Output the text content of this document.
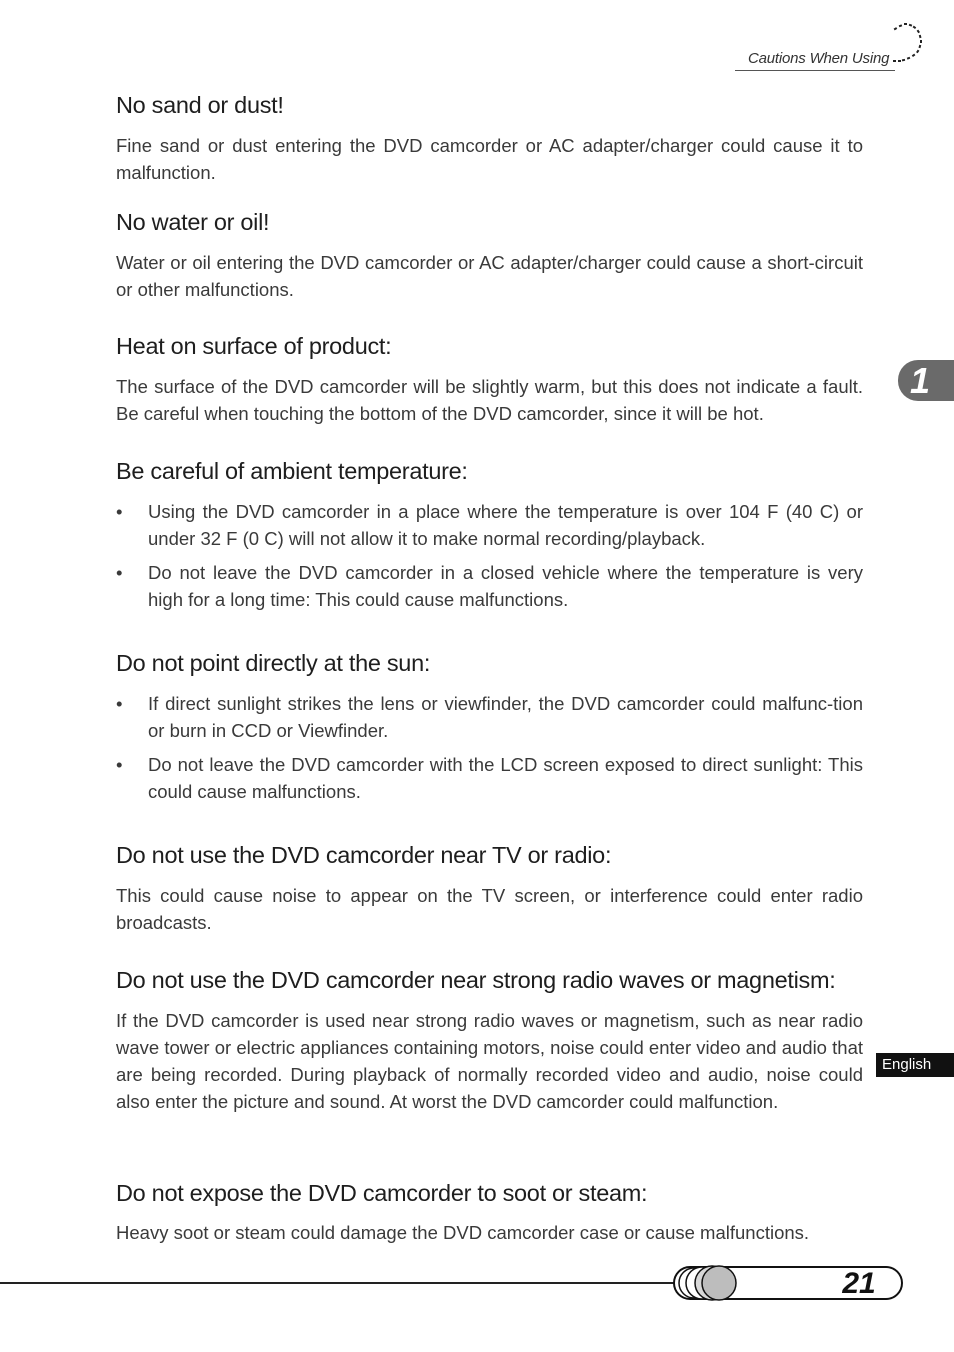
Cautions When Using
1
English
No sand or dust!

Fine sand or dust entering the DVD camcorder or AC adapter/charger could cause it to malfunction.

No water or oil!

Water or oil entering the DVD camcorder or AC adapter/charger could cause a short-circuit or other malfunctions.

Heat on surface of product:

The surface of the DVD camcorder will be slightly warm, but this does not indicate a fault. Be careful when touching the bottom of the DVD camcorder, since it will be hot.

Be careful of ambient temperature:
•	Using the DVD camcorder in a place where the temperature is over 104 F (40 C) or under 32 F (0 C) will not allow it to make normal recording/playback.
•	Do not leave the DVD camcorder in a closed vehicle where the temperature is very high for a long time: This could cause malfunctions.
Do not point directly at the sun:
•	If direct sunlight strikes the lens or viewfinder, the DVD camcorder could malfunc-tion or burn in CCD or Viewfinder.
•	Do not leave the DVD camcorder with the LCD screen exposed to direct sunlight: This could cause malfunctions.
Do not use the DVD camcorder near TV or radio:

This could cause noise to appear on the TV screen, or interference could enter radio broadcasts.

Do not use the DVD camcorder near strong radio waves or magnetism:

If the DVD camcorder is used near strong radio waves or magnetism, such as near radio wave tower or electric appliances containing motors, noise could enter video and audio that are being recorded. During playback of normally recorded video and audio, noise could also enter the picture and sound. At worst the DVD camcorder could malfunction.

Do not expose the DVD camcorder to soot or steam:

Heavy soot or steam could damage the DVD camcorder case or cause malfunctions.

21
